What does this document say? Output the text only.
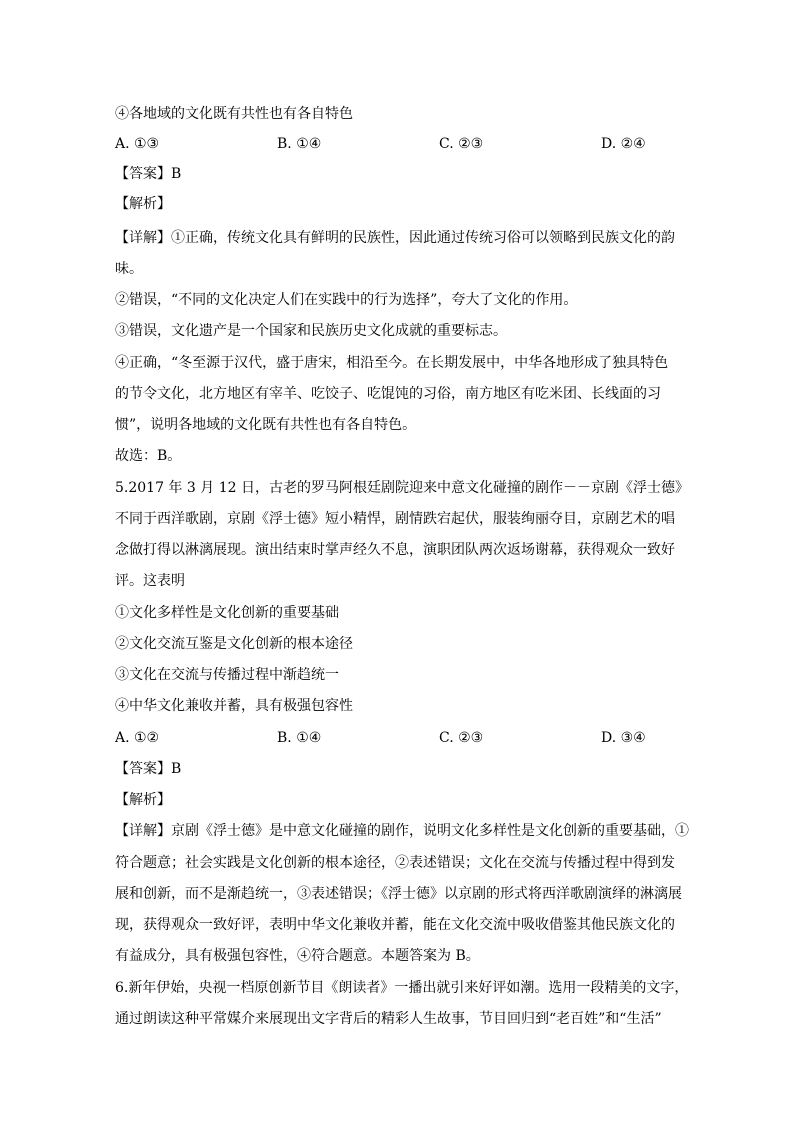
④各地域的文化既有共性也有各自特色
A. ①③	B. ①④	C. ②③	D. ②④
【答案】B
【解析】
【详解】①正确，传统文化具有鲜明的民族性，因此通过传统习俗可以领略到民族文化的韵
味。
②错误，“不同的文化决定人们在实践中的行为选择”，夸大了文化的作用。
③错误，文化遗产是一个国家和民族历史文化成就的重要标志。
④正确，“冬至源于汉代，盛于唐宋，相沿至今。在长期发展中，中华各地形成了独具特色
的节令文化，北方地区有宰羊、吃饺子、吃馄饨的习俗，南方地区有吃米团、长线面的习
惯”，说明各地域的文化既有共性也有各自特色。
故选：B。
5.2017 年 3 月 12 日，古老的罗马阿根廷剧院迎来中意文化碰撞的剧作－－京剧《浮士德》
不同于西洋歌剧，京剧《浮士德》短小精悍，剧情跌宕起伏，服装绚丽夺目，京剧艺术的唱
念做打得以淋漓展现。演出结束时掌声经久不息，演职团队两次返场谢幕，获得观众一致好
评。这表明
①文化多样性是文化创新的重要基础
②文化交流互鉴是文化创新的根本途径
③文化在交流与传播过程中渐趋统一
④中华文化兼收并蓄，具有极强包容性
A. ①②	B. ①④	C. ②③	D. ③④
【答案】B
【解析】
【详解】京剧《浮士德》是中意文化碰撞的剧作，说明文化多样性是文化创新的重要基础，①
符合题意；社会实践是文化创新的根本途径，②表述错误；文化在交流与传播过程中得到发
展和创新，而不是渐趋统一，③表述错误；《浮士德》以京剧的形式将西洋歌剧演绎的淋漓展
现，获得观众一致好评，表明中华文化兼收并蓄，能在文化交流中吸收借鉴其他民族文化的
有益成分，具有极强包容性，④符合题意。本题答案为 B。
6.新年伊始，央视一档原创新节目《朗读者》一播出就引来好评如潮。选用一段精美的文字，
通过朗读这种平常媒介来展现出文字背后的精彩人生故事，节目回归到“老百姓”和“生活”
